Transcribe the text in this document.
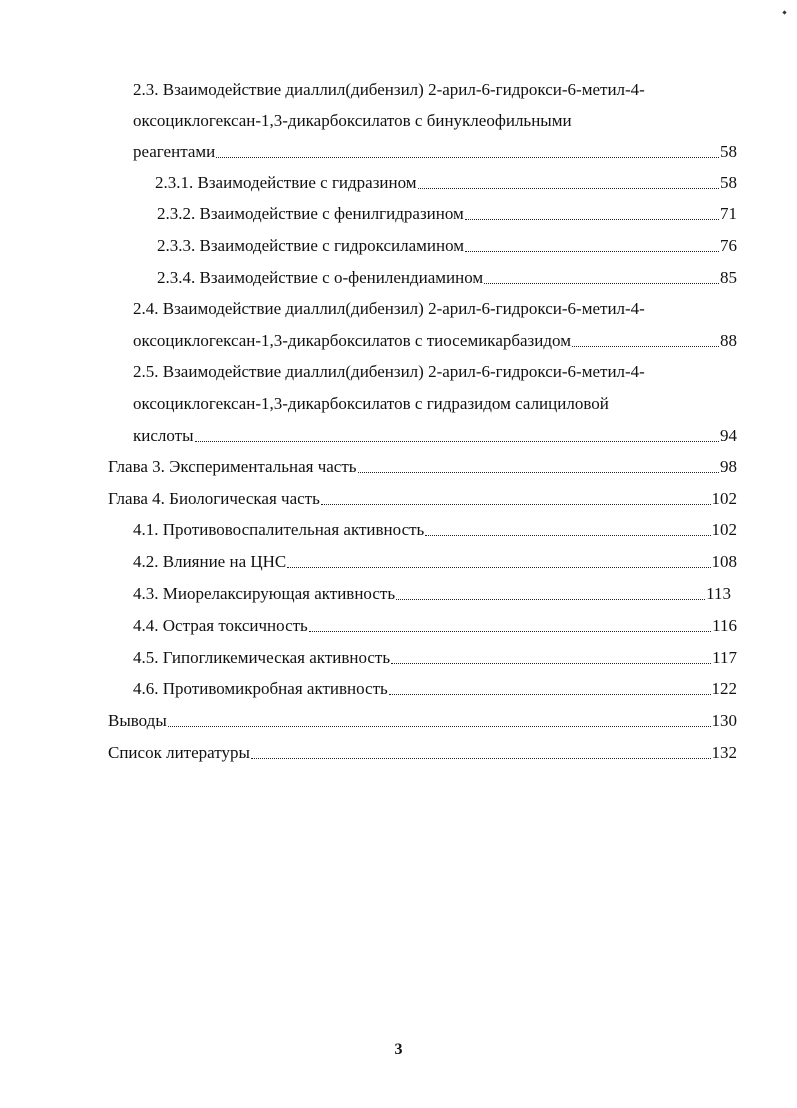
2.3. Взаимодействие диаллил(дибензил) 2-арил-6-гидрокси-6-метил-4-
оксоциклогексан-1,3-дикарбоксилатов с бинуклеофильными
реагентами	58
2.3.1. Взаимодействие с гидразином	58
2.3.2. Взаимодействие с фенилгидразином	71
2.3.3. Взаимодействие с гидроксиламином	76
2.3.4. Взаимодействие с о-фенилендиамином	85
2.4. Взаимодействие диаллил(дибензил) 2-арил-6-гидрокси-6-метил-4-
оксоциклогексан-1,3-дикарбоксилатов с тиосемикарбазидом	88
2.5. Взаимодействие диаллил(дибензил) 2-арил-6-гидрокси-6-метил-4-
оксоциклогексан-1,3-дикарбоксилатов с гидразидом салициловой
кислоты	94
Глава 3. Экспериментальная часть	98
Глава 4. Биологическая часть	102
4.1. Противовоспалительная активность	102
4.2. Влияние на ЦНС	108
4.3. Миорелаксирующая активность	113
4.4. Острая токсичность	116
4.5. Гипогликемическая активность	117
4.6. Противомикробная активность	122
Выводы	130
Список литературы	132
3
